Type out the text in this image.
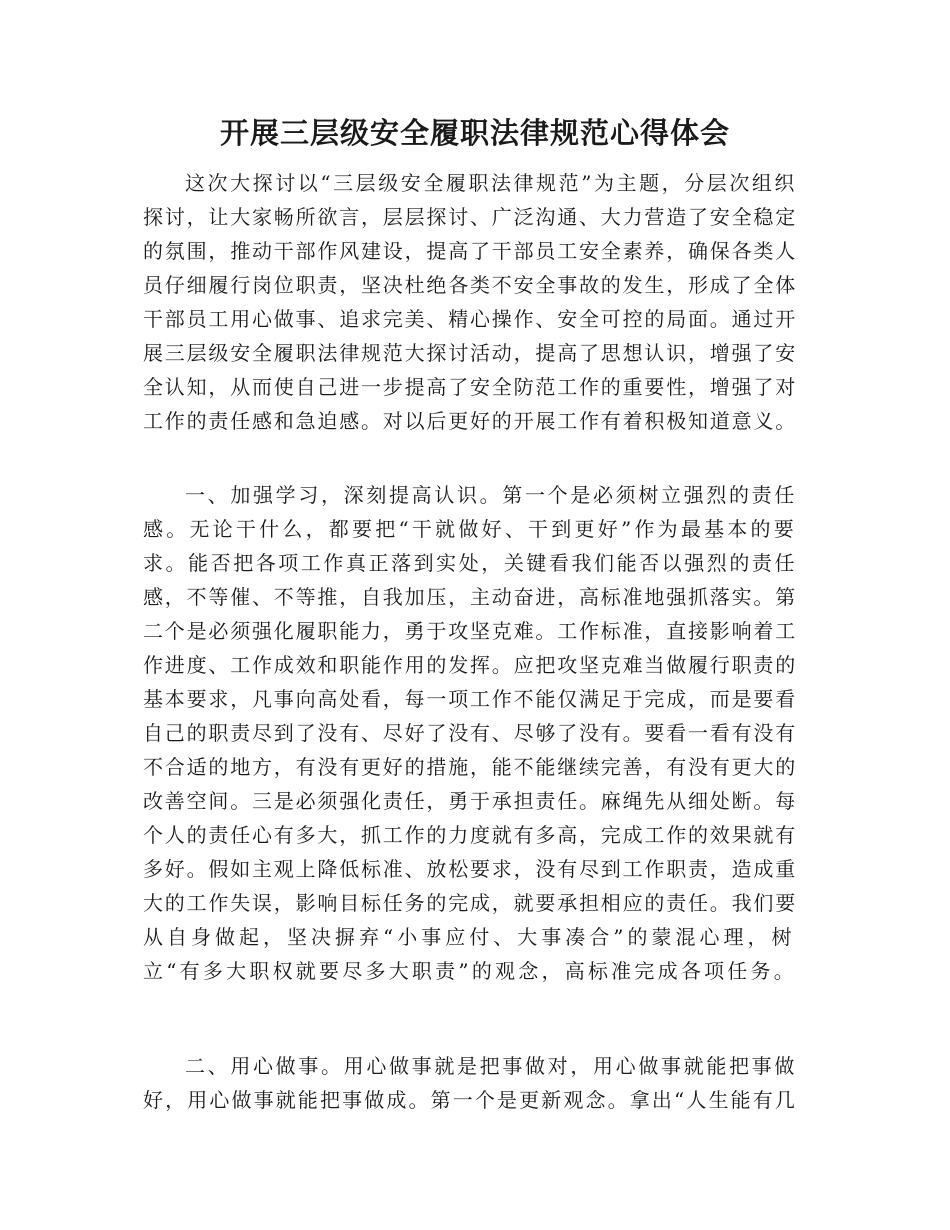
开展三层级安全履职法律规范心得体会
这次大探讨以“三层级安全履职法律规范”为主题，分层次组织
探讨，让大家畅所欲言，层层探讨、广泛沟通、大力营造了安全稳定
的氛围，推动干部作风建设，提高了干部员工安全素养，确保各类人
员仔细履行岗位职责，坚决杜绝各类不安全事故的发生，形成了全体
干部员工用心做事、追求完美、精心操作、安全可控的局面。通过开
展三层级安全履职法律规范大探讨活动，提高了思想认识，增强了安
全认知，从而使自己进一步提高了安全防范工作的重要性，增强了对
工作的责任感和急迫感。对以后更好的开展工作有着积极知道意义。
一、加强学习，深刻提高认识。第一个是必须树立强烈的责任
感。无论干什么，都要把“干就做好、干到更好”作为最基本的要
求。能否把各项工作真正落到实处，关键看我们能否以强烈的责任
感，不等催、不等推，自我加压，主动奋进，高标准地强抓落实。第
二个是必须强化履职能力，勇于攻坚克难。工作标准，直接影响着工
作进度、工作成效和职能作用的发挥。应把攻坚克难当做履行职责的
基本要求，凡事向高处看，每一项工作不能仅满足于完成，而是要看
自己的职责尽到了没有、尽好了没有、尽够了没有。要看一看有没有
不合适的地方，有没有更好的措施，能不能继续完善，有没有更大的
改善空间。三是必须强化责任，勇于承担责任。麻绳先从细处断。每
个人的责任心有多大，抓工作的力度就有多高，完成工作的效果就有
多好。假如主观上降低标准、放松要求，没有尽到工作职责，造成重
大的工作失误，影响目标任务的完成，就要承担相应的责任。我们要
从自身做起，坚决摒弃“小事应付、大事凑合”的蒙混心理，树
立“有多大职权就要尽多大职责”的观念，高标准完成各项任务。
二、用心做事。用心做事就是把事做对，用心做事就能把事做
好，用心做事就能把事做成。第一个是更新观念。拿出“人生能有几
